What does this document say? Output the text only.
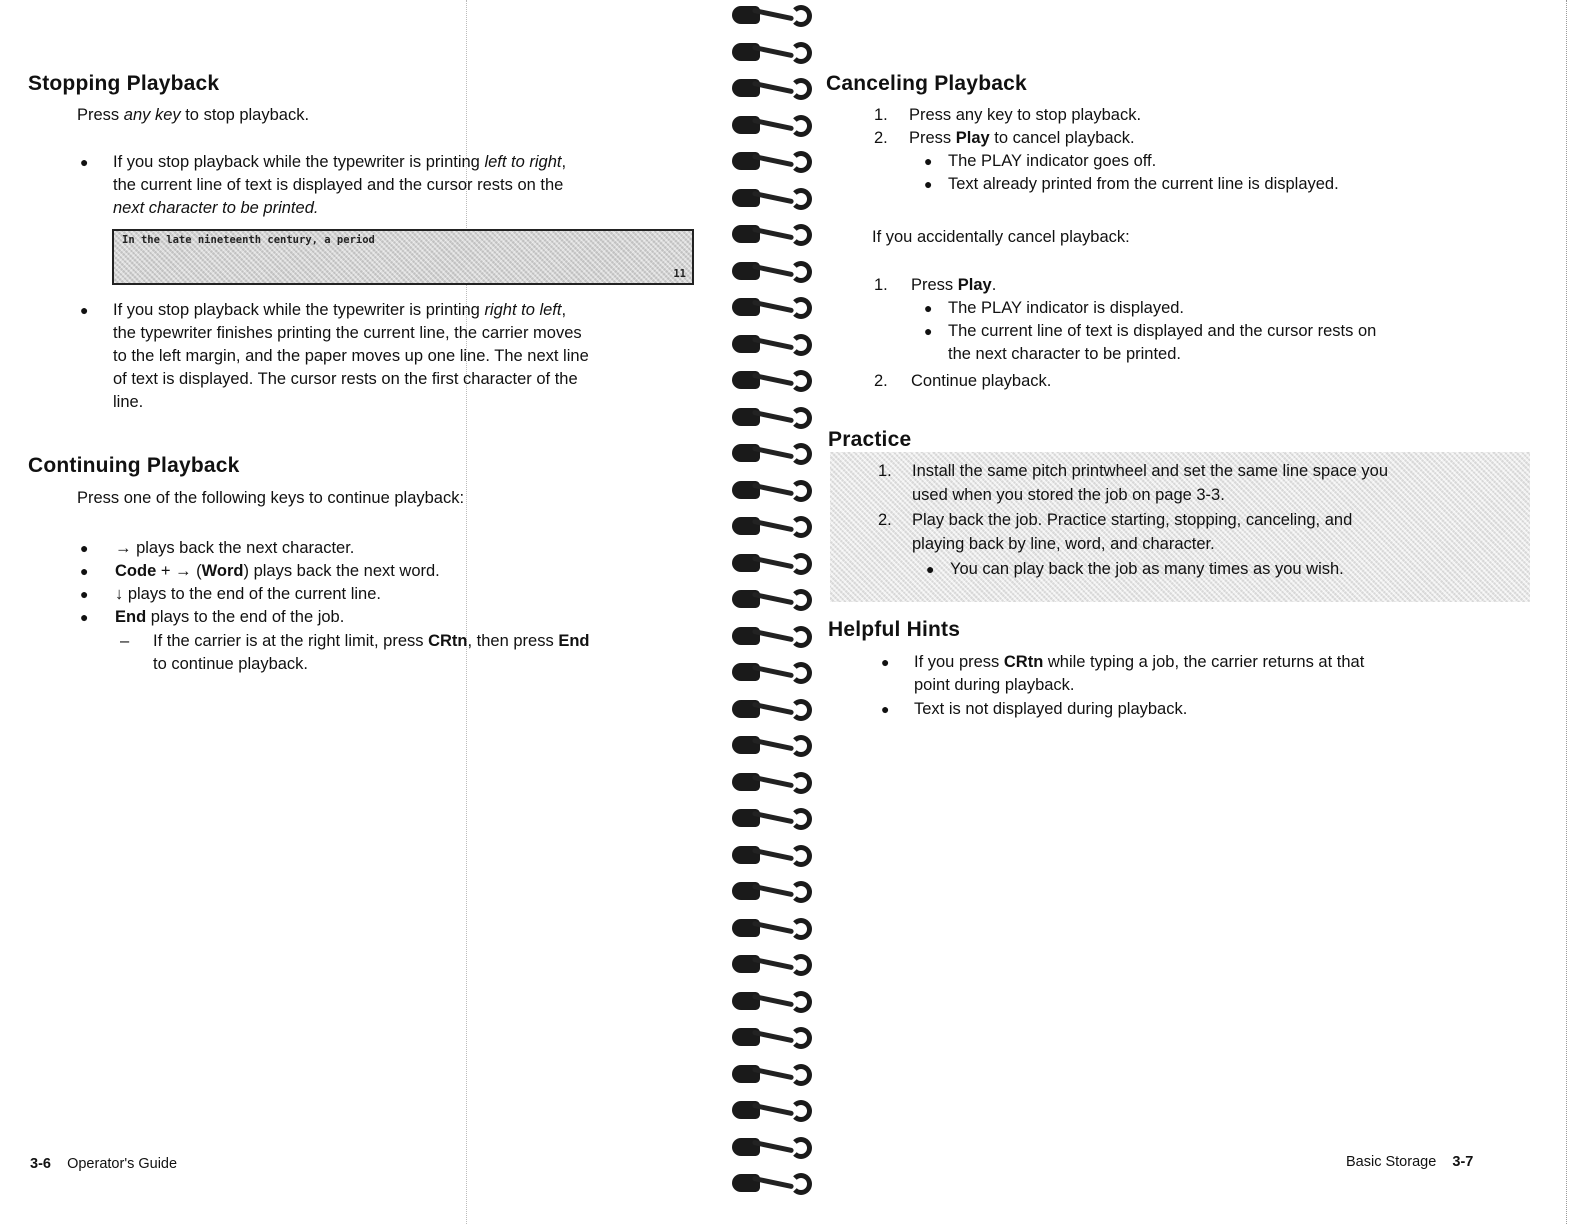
Stopping Playback
Press any key to stop playback.
● If you stop playback while the typewriter is printing left to right,
the current line of text is displayed and the cursor rests on the
next character to be printed.
In the late nineteenth century, a period
11
● If you stop playback while the typewriter is printing right to left,
the typewriter finishes printing the current line, the carrier moves
to the left margin, and the paper moves up one line. The next line
of text is displayed. The cursor rests on the first character of the
line.
Continuing Playback
Press one of the following keys to continue playback:
● → plays back the next character.
● Code + → (Word) plays back the next word.
● ↓ plays to the end of the current line.
● End plays to the end of the job.
– If the carrier is at the right limit, press CRtn, then press End
to continue playback.
3-6 Operator's Guide
Canceling Playback
1. Press any key to stop playback.
2. Press Play to cancel playback.
● The PLAY indicator goes off.
● Text already printed from the current line is displayed.
If you accidentally cancel playback:
1. Press Play.
● The PLAY indicator is displayed.
● The current line of text is displayed and the cursor rests on
the next character to be printed.
2. Continue playback.
Practice
1. Install the same pitch printwheel and set the same line space you
used when you stored the job on page 3-3.
2. Play back the job. Practice starting, stopping, canceling, and
playing back by line, word, and character.
● You can play back the job as many times as you wish.
Helpful Hints
● If you press CRtn while typing a job, the carrier returns at that
point during playback.
● Text is not displayed during playback.
Basic Storage 3-7
